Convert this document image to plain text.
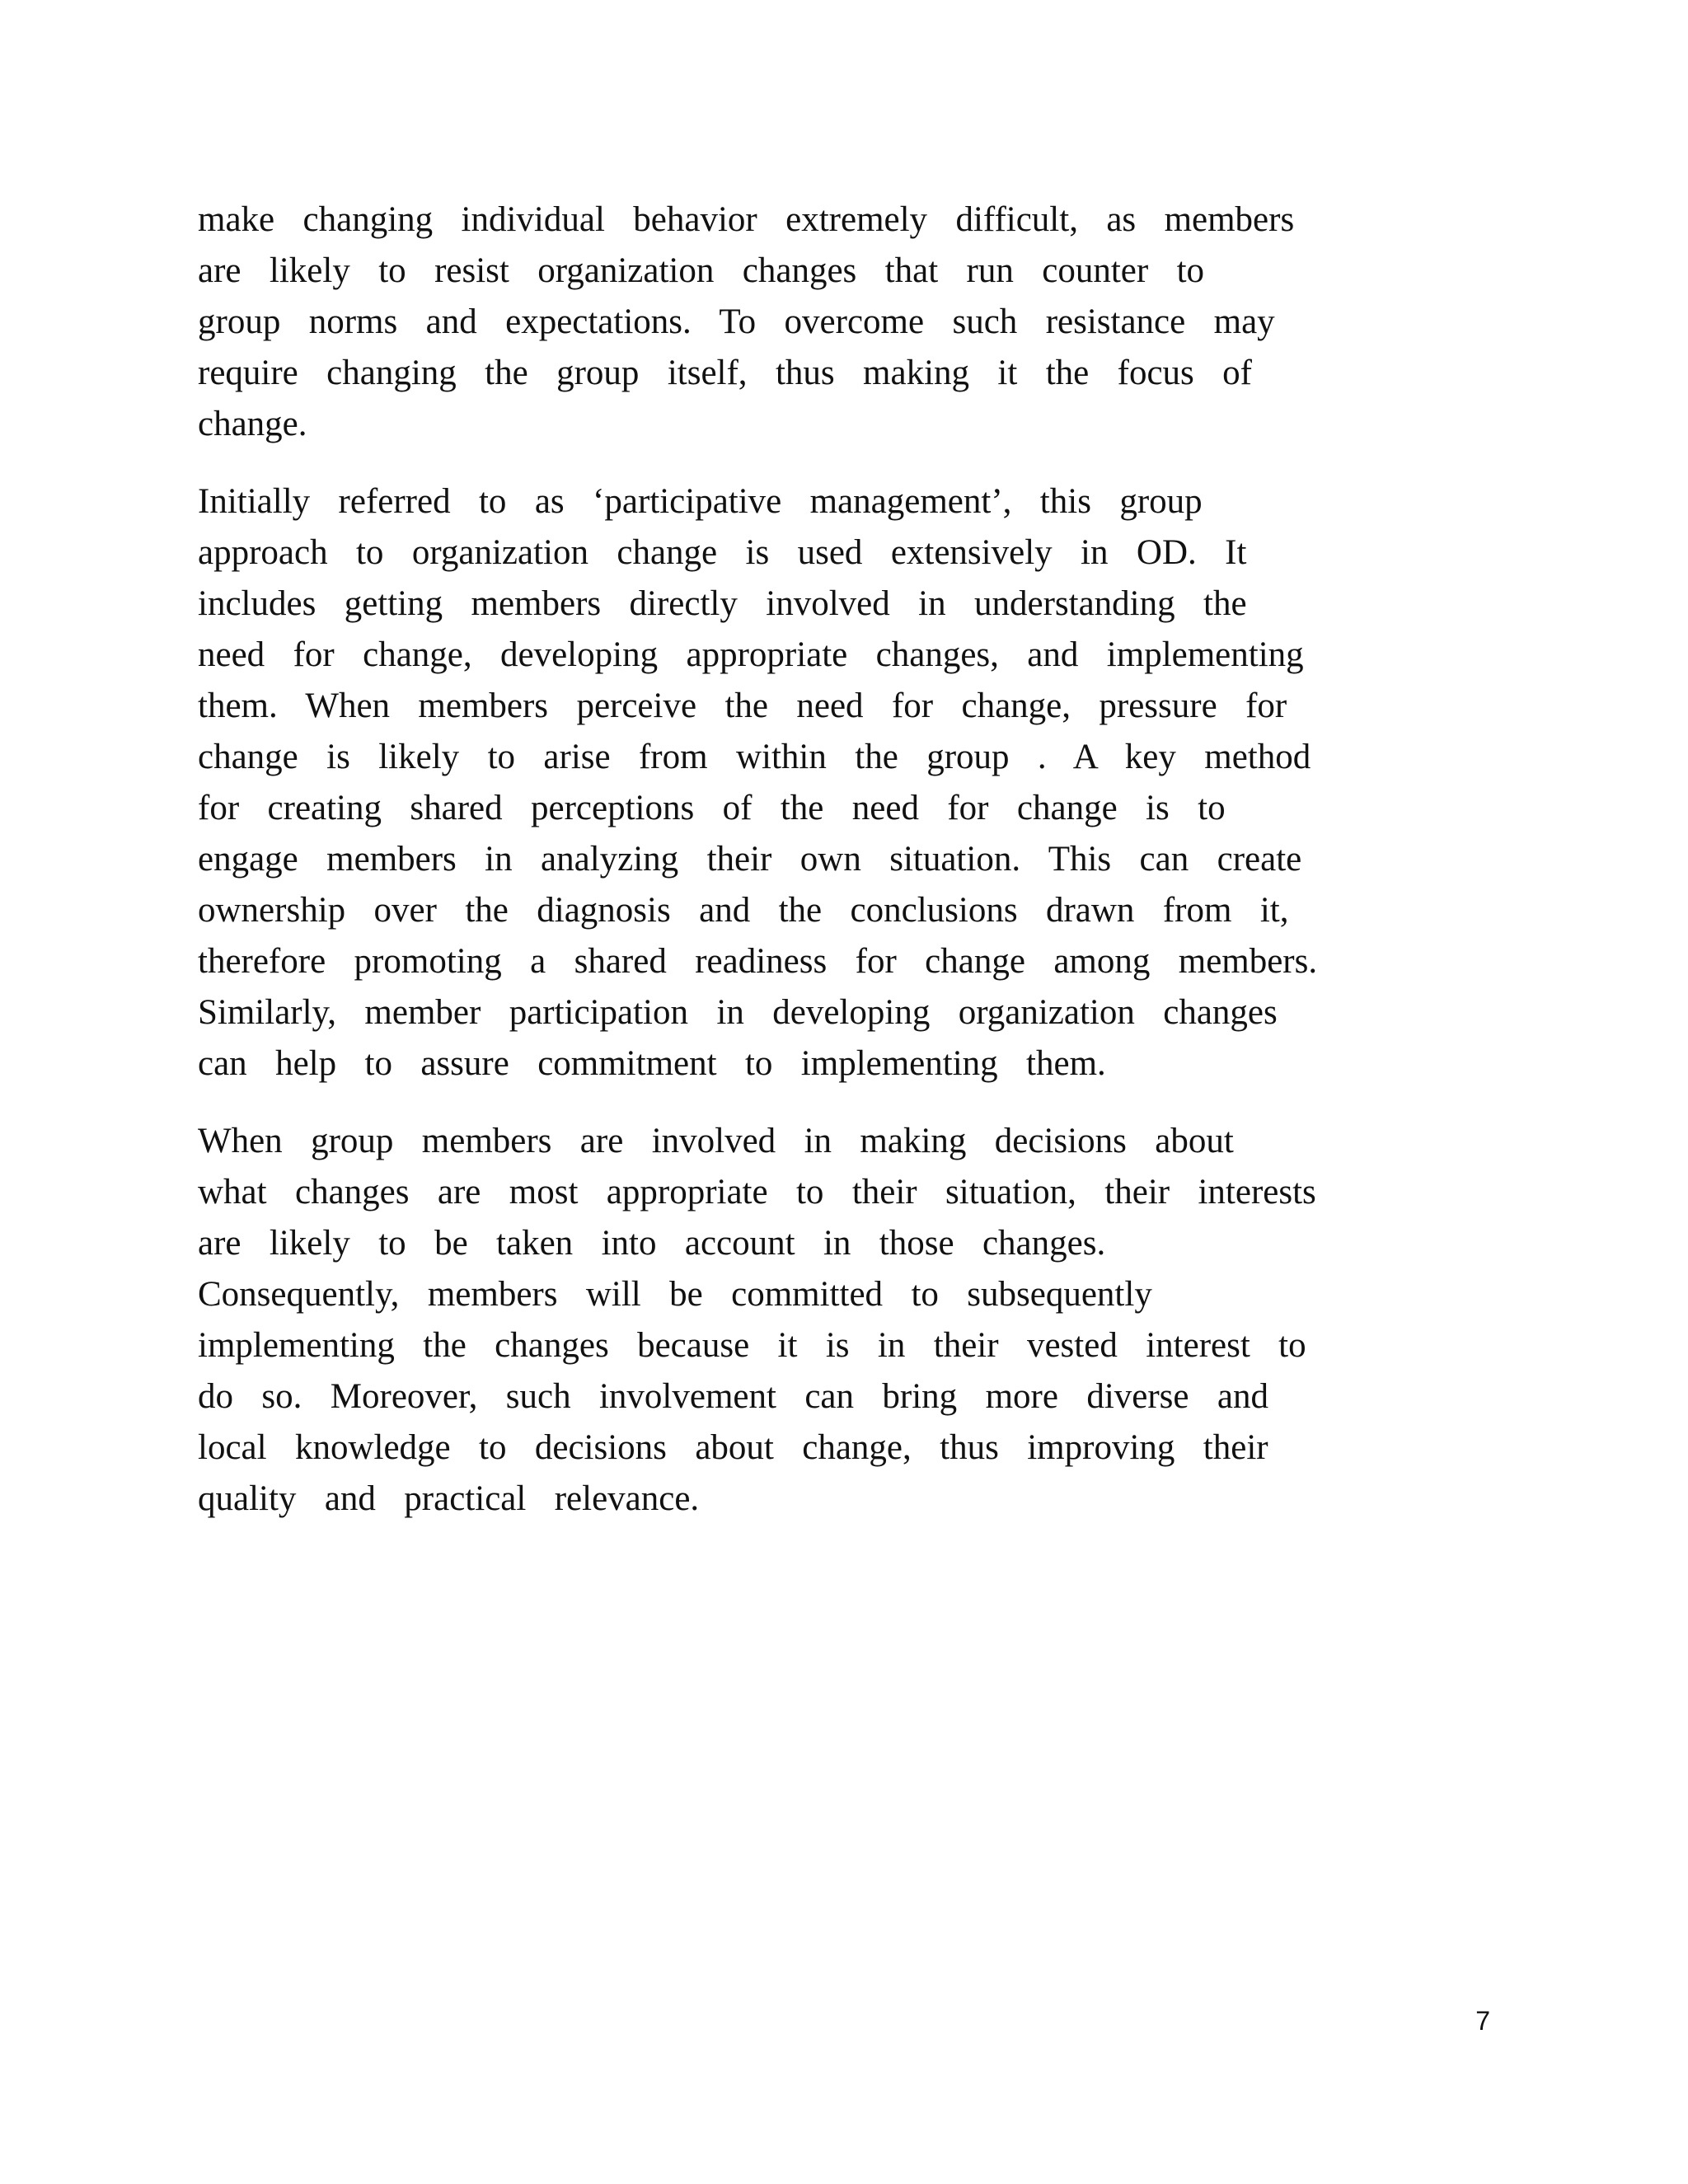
make changing individual behavior extremely difficult, as members
are likely to resist organization changes that run counter to
group norms and expectations. To overcome such resistance may
require changing the group itself, thus making it the focus of
change.

Initially referred to as ‘participative management’, this group
approach to organization change is used extensively in OD. It
includes getting members directly involved in understanding the
need for change, developing appropriate changes, and implementing
them. When members perceive the need for change, pressure for
change is likely to arise from within the group . A key method
for creating shared perceptions of the need for change is to
engage members in analyzing their own situation. This can create
ownership over the diagnosis and the conclusions drawn from it,
therefore promoting a shared readiness for change among members.
Similarly, member participation in developing organization changes
can help to assure commitment to implementing them.

When group members are involved in making decisions about
what changes are most appropriate to their situation, their interests
are likely to be taken into account in those changes.
Consequently, members will be committed to subsequently
implementing the changes because it is in their vested interest to
do so. Moreover, such involvement can bring more diverse and
local knowledge to decisions about change, thus improving their
quality and practical relevance.

7
